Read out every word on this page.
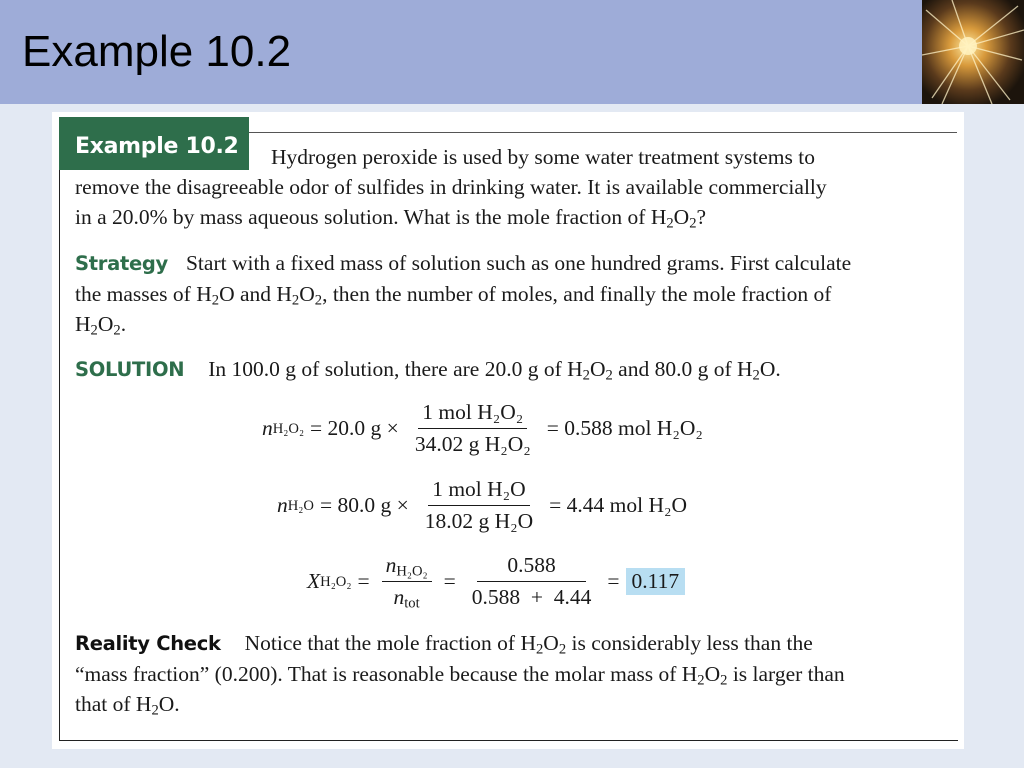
Example 10.2
Example 10.2 Hydrogen peroxide is used by some water treatment systems to
remove the disagreeable odor of sulfides in drinking water. It is available commercially
in a 20.0% by mass aqueous solution. What is the mole fraction of $H_2O_2$?
Strategy Start with a fixed mass of solution such as one hundred grams. First calculate
the masses of $H_2O$ and $H_2O_2$, then the number of moles, and finally the mole fraction of
$H_2O_2$.
SOLUTION In 100.0 g of solution, there are 20.0 g of $H_2O_2$ and 80.0 g of $H_2O$.
n H₂O₂ = 20.0 $g \times \frac{\text{1 mol H₂O₂}}{\text{34.02 g H₂O₂}} = 0.588$ mol H₂O₂
n H₂O = 80.0 $g \times \frac{\text{1 mol H₂O}}{\text{18.02 g H₂O}} = 4.44$ mol H₂O
X $H_2O_2 = \frac{n_{H_2O_2}}{n_{tot}} = \frac{0.588}{0.588 + 4.44} = 0.117$
Reality Check Notice that the mole fraction of $H_2O_2$ is considerably less than the
“mass fraction” (0.200). That is reasonable because the molar mass of $H_2O_2$ is larger than
that of $H_2O$.
